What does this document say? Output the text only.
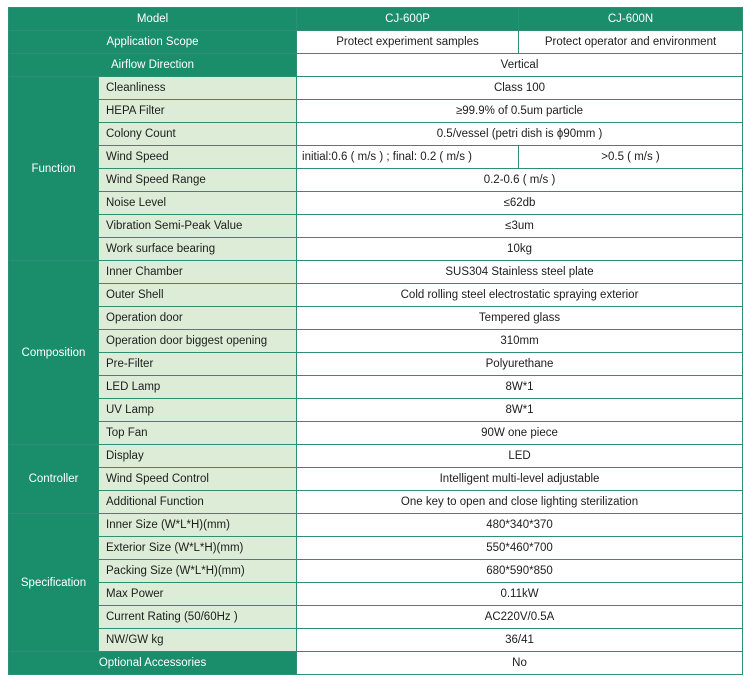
Model		CJ-600P	CJ-600N
Application Scope		Protect experiment samples	Protect operator and environment
Airflow Direction		Vertical	
Function	Cleanliness	Class 100	
	HEPA Filter	≥99.9% of 0.5um particle	
	Colony Count	0.5/vessel (petri dish is ϕ90mm )	
	Wind Speed	initial:0.6 ( m/s ) ; final: 0.2 ( m/s )	>0.5 ( m/s )
	Wind Speed Range	0.2-0.6 ( m/s )	
	Noise Level	≤62db	
	Vibration Semi-Peak Value	≤3um	
	Work surface bearing	10kg	
Composition	Inner Chamber	SUS304 Stainless steel plate	
	Outer Shell	Cold rolling steel electrostatic spraying exterior	
	Operation door	Tempered glass	
	Operation door biggest opening	310mm	
	Pre-Filter	Polyurethane	
	LED Lamp	8W*1	
	UV Lamp	8W*1	
	Top Fan	90W one piece	
Controller	Display	LED	
	Wind Speed Control	Intelligent multi-level adjustable	
	Additional Function	One key to open and close lighting sterilization	
Specification	Inner Size (W*L*H)(mm)	480*340*370	
	Exterior Size (W*L*H)(mm)	550*460*700	
	Packing Size (W*L*H)(mm)	680*590*850	
	Max Power	0.11kW	
	Current Rating (50/60Hz )	AC220V/0.5A	
	NW/GW kg	36/41	
Optional Accessories		No	
